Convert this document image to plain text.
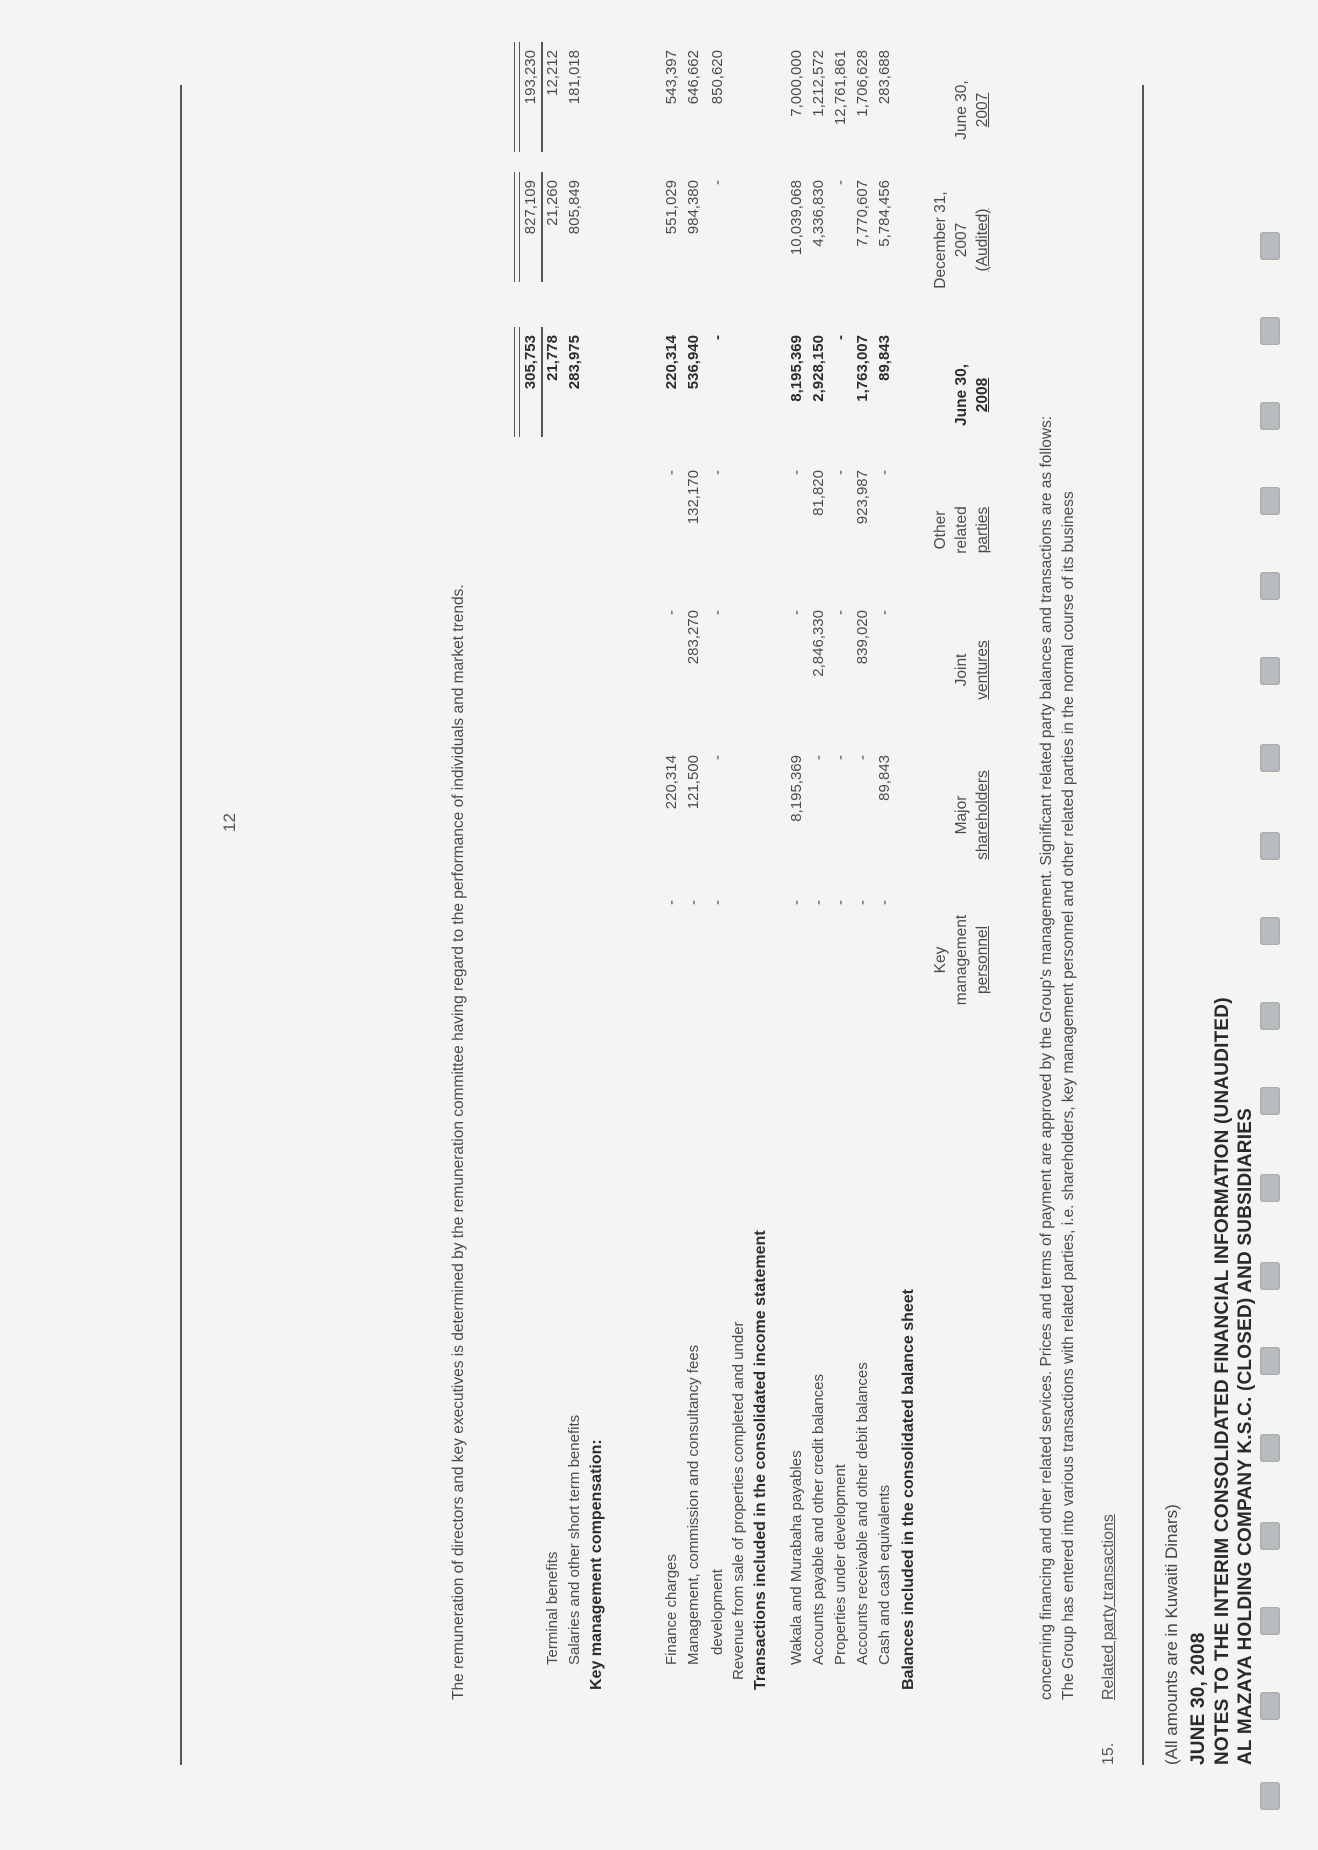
AL MAZAYA HOLDING COMPANY K.S.C. (CLOSED) AND SUBSIDIARIES
NOTES TO THE INTERIM CONSOLIDATED FINANCIAL INFORMATION (UNAUDITED)
JUNE 30, 2008
(All amounts are in Kuwaiti Dinars)
15.
Related party transactions
The Group has entered into various transactions with related parties, i.e. shareholders, key management personnel and other related parties in the normal course of its business
concerning financing and other related services. Prices and terms of payment are approved by the Group's management. Significant related party balances and transactions are as follows:
Key management personnel
Major shareholders
Joint ventures
Other related parties
June 30, 2008
December 31, 2007 (Audited)
June 30, 2007
Balances included in the consolidated balance sheet
Transactions included in the consolidated income statement
Revenue from sale of properties completed and under
development
Key management compensation:
The remuneration of directors and key executives is determined by the remuneration committee having regard to the performance of individuals and market trends.
12
Cash and cash equivalents
-
89,843
-
-
89,843
5,784,456
283,688
Accounts receivable and other debit balances
-
-
839,020
923,987
1,763,007
7,770,607
1,706,628
Properties under development
-
-
-
-
-
-
12,761,861
Accounts payable and other credit balances
-
-
2,846,330
81,820
2,928,150
4,336,830
1,212,572
Wakala and Murabaha payables
-
8,195,369
-
-
8,195,369
10,039,068
7,000,000
-
-
-
-
-
-
850,620
Management, commission and consultancy fees
-
121,500
283,270
132,170
536,940
984,380
646,662
Finance charges
-
220,314
-
-
220,314
551,029
543,397
Salaries and other short term benefits
283,975
805,849
181,018
Terminal benefits
21,778
21,260
12,212
305,753
827,109
193,230
